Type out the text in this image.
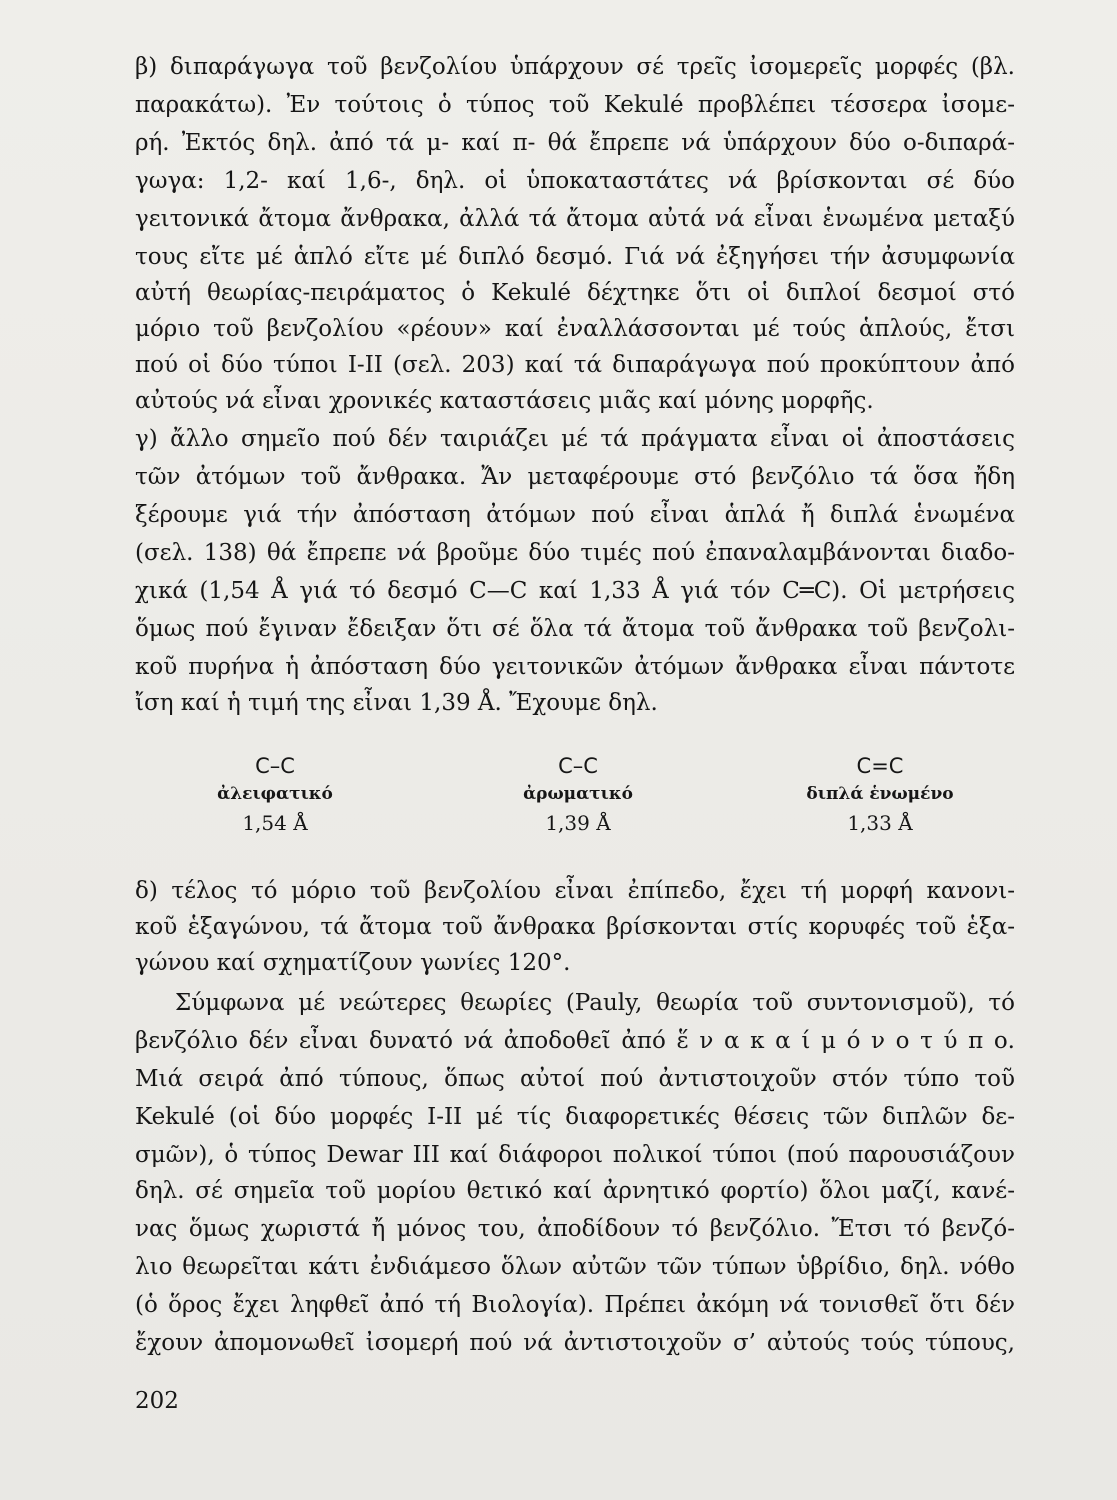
β) διπαράγωγα τοῦ βενζολίου ὑπάρχουν σέ τρεῖς ἰσομερεῖς μορφές (βλ.
παρακάτω). Ἐν τούτοις ὁ τύπος τοῦ Kekulé προβλέπει τέσσερα ἰσομε-
ρή. Ἐκτός δηλ. ἀπό τά μ- καί π- θά ἔπρεπε νά ὑπάρχουν δύο ο-διπαρά-
γωγα: 1,2- καί 1,6-, δηλ. οἱ ὑποκαταστάτες νά βρίσκονται σέ δύο
γειτονικά ἄτομα ἄνθρακα, ἀλλά τά ἄτομα αὐτά νά εἶναι ἑνωμένα μεταξύ
τους εἴτε μέ ἁπλό εἴτε μέ διπλό δεσμό. Γιά νά ἐξηγήσει τήν ἀσυμφωνία
αὐτή θεωρίας-πειράματος ὁ Kekulé δέχτηκε ὅτι οἱ διπλοί δεσμοί στό
μόριο τοῦ βενζολίου «ρέουν» καί ἐναλλάσσονται μέ τούς ἁπλούς, ἔτσι
πού οἱ δύο τύποι I-II (σελ. 203) καί τά διπαράγωγα πού προκύπτουν ἀπό
αὐτούς νά εἶναι χρονικές καταστάσεις μιᾶς καί μόνης μορφῆς.
γ) ἄλλο σημεῖο πού δέν ταιριάζει μέ τά πράγματα εἶναι οἱ ἀποστάσεις
τῶν ἀτόμων τοῦ ἄνθρακα. Ἄν μεταφέρουμε στό βενζόλιο τά ὅσα ἤδη
ξέρουμε γιά τήν ἀπόσταση ἀτόμων πού εἶναι ἁπλά ἤ διπλά ἑνωμένα
(σελ. 138) θά ἔπρεπε νά βροῦμε δύο τιμές πού ἐπαναλαμβάνονται διαδο-
χικά (1,54 Å γιά τό δεσμό C—C καί 1,33 Å γιά τόν C═C). Οἱ μετρήσεις
ὅμως πού ἔγιναν ἔδειξαν ὅτι σέ ὅλα τά ἄτομα τοῦ ἄνθρακα τοῦ βενζολι-
κοῦ πυρήνα ἡ ἀπόσταση δύο γειτονικῶν ἀτόμων ἄνθρακα εἶναι πάντοτε
ἴση καί ἡ τιμή της εἶναι 1,39 Å. Ἔχουμε δηλ.
C–C
ἀλειφατικό
1,54 Å
C–C
ἀρωματικό
1,39 Å
C=C
διπλά ἑνωμένο
1,33 Å
δ) τέλος τό μόριο τοῦ βενζολίου εἶναι ἐπίπεδο, ἔχει τή μορφή κανονι-
κοῦ ἑξαγώνου, τά ἄτομα τοῦ ἄνθρακα βρίσκονται στίς κορυφές τοῦ ἑξα-
γώνου καί σχηματίζουν γωνίες 120°.
Σύμφωνα μέ νεώτερες θεωρίες (Pauly, θεωρία τοῦ συντονισμοῦ), τό
βενζόλιο δέν εἶναι δυνατό νά ἀποδοθεῖ ἀπό ἕ ν α κ α ί μ ό ν ο τ ύ π ο.
Μιά σειρά ἀπό τύπους, ὅπως αὐτοί πού ἀντιστοιχοῦν στόν τύπο τοῦ
Kekulé (οἱ δύο μορφές I-II μέ τίς διαφορετικές θέσεις τῶν διπλῶν δε-
σμῶν), ὁ τύπος Dewar III καί διάφοροι πολικοί τύποι (πού παρουσιάζουν
δηλ. σέ σημεῖα τοῦ μορίου θετικό καί ἀρνητικό φορτίο) ὅλοι μαζί, κανέ-
νας ὅμως χωριστά ἤ μόνος του, ἀποδίδουν τό βενζόλιο. Ἔτσι τό βενζό-
λιο θεωρεῖται κάτι ἐνδιάμεσο ὅλων αὐτῶν τῶν τύπων ὑβρίδιο, δηλ. νόθο
(ὁ ὅρος ἔχει ληφθεῖ ἀπό τή Βιολογία). Πρέπει ἀκόμη νά τονισθεῖ ὅτι δέν
ἔχουν ἀπομονωθεῖ ἰσομερή πού νά ἀντιστοιχοῦν σ’ αὐτούς τούς τύπους,
202
